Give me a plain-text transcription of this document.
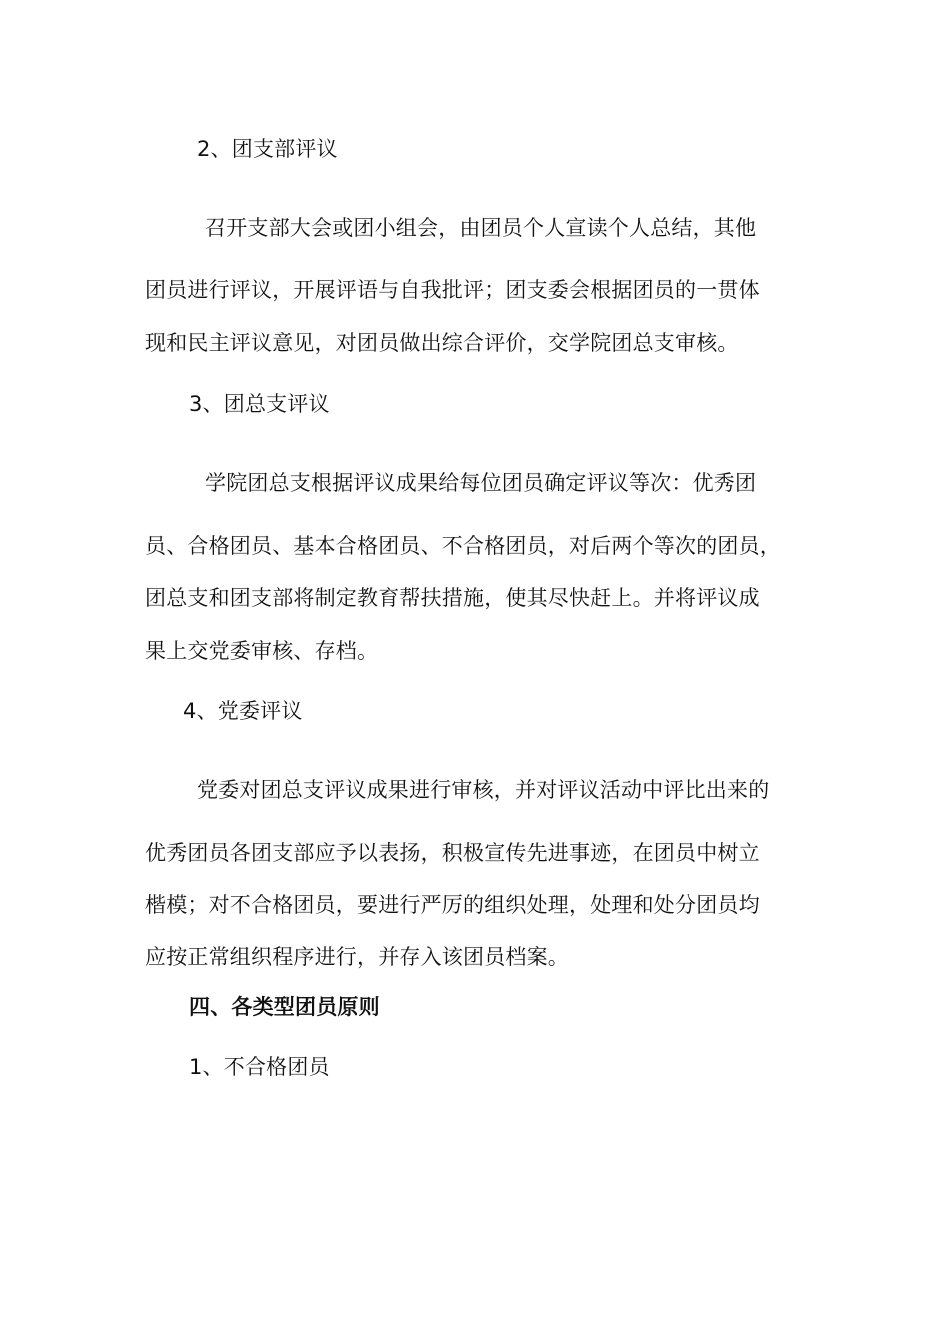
2、团支部评议
召开支部大会或团小组会，由团员个人宣读个人总结，其他
团员进行评议，开展评语与自我批评；团支委会根据团员的一贯体
现和民主评议意见，对团员做出综合评价，交学院团总支审核。
3、团总支评议
学院团总支根据评议成果给每位团员确定评议等次：优秀团
员、合格团员、基本合格团员、不合格团员，对后两个等次的团员，
团总支和团支部将制定教育帮扶措施，使其尽快赶上。并将评议成
果上交党委审核、存档。
4、党委评议
党委对团总支评议成果进行审核，并对评议活动中评比出来的
优秀团员各团支部应予以表扬，积极宣传先进事迹，在团员中树立
楷模；对不合格团员，要进行严厉的组织处理，处理和处分团员均
应按正常组织程序进行，并存入该团员档案。
四、各类型团员原则
1、不合格团员
